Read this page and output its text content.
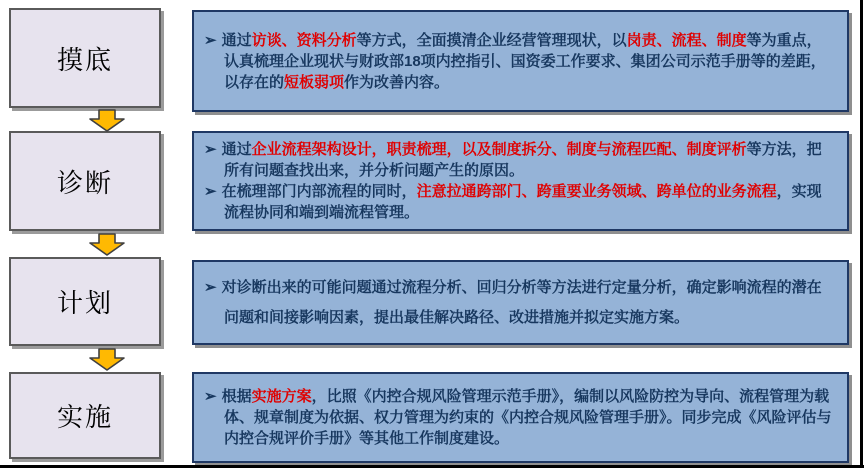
摸底
诊断
计划
实施
➢ 通过访谈、资料分析等方式，全面摸清企业经营管理现状，以岗责、流程、制度等为重点，认真梳理企业现状与财政部18项内控指引、国资委工作要求、集团公司示范手册等的差距，以存在的短板弱项作为改善内容。
➢ 通过企业流程架构设计，职责梳理，以及制度拆分、制度与流程匹配、制度评析等方法，把所有问题查找出来，并分析问题产生的原因。
➢ 在梳理部门内部流程的同时，注意拉通跨部门、跨重要业务领域、跨单位的业务流程，实现流程协同和端到端流程管理。
➢ 对诊断出来的可能问题通过流程分析、回归分析等方法进行定量分析，确定影响流程的潜在问题和间接影响因素，提出最佳解决路径、改进措施并拟定实施方案。
➢ 根据实施方案，比照《内控合规风险管理示范手册》，编制以风险防控为导向、流程管理为载体、规章制度为依据、权力管理为约束的《内控合规风险管理手册》。同步完成《风险评估与内控合规评价手册》等其他工作制度建设。
